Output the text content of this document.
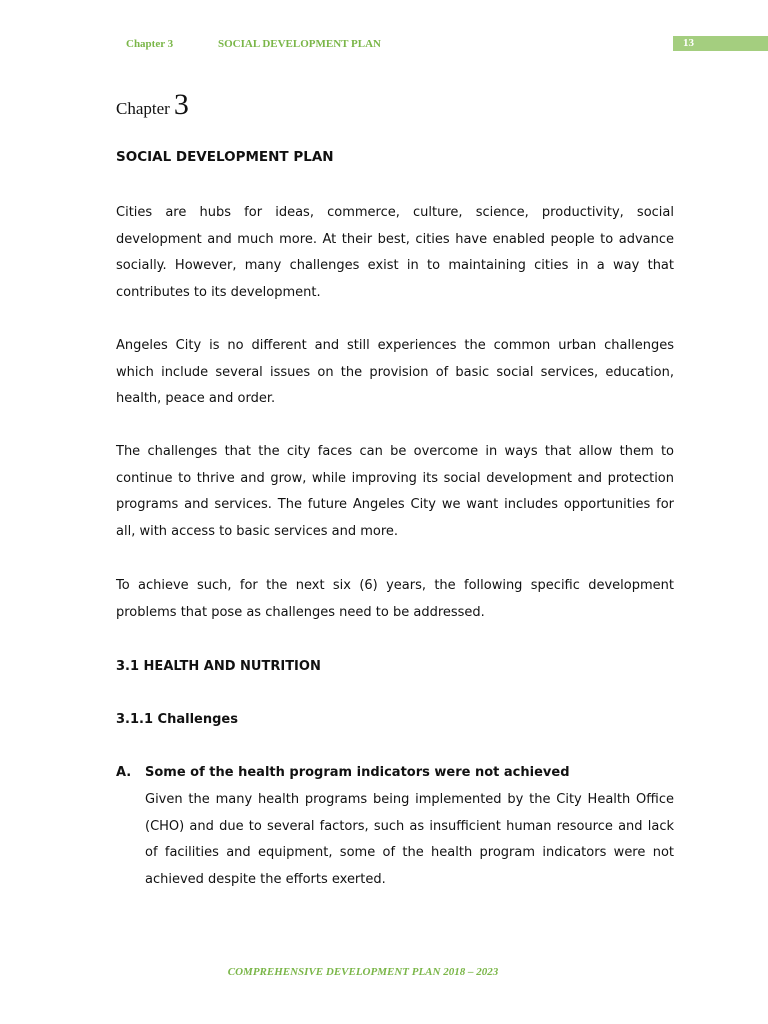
Chapter 3	SOCIAL DEVELOPMENT PLAN	13
Chapter 3
SOCIAL DEVELOPMENT PLAN

Cities are hubs for ideas, commerce, culture, science, productivity, social development and much more. At their best, cities have enabled people to advance socially. However, many challenges exist in to maintaining cities in a way that contributes to its development.

Angeles City is no different and still experiences the common urban challenges which include several issues on the provision of basic social services, education, health, peace and order.

The challenges that the city faces can be overcome in ways that allow them to continue to thrive and grow, while improving its social development and protection programs and services. The future Angeles City we want includes opportunities for all, with access to basic services and more.

To achieve such, for the next six (6) years, the following specific development problems that pose as challenges need to be addressed.

3.1 HEALTH AND NUTRITION
3.1.1 Challenges
A. Some of the health program indicators were not achieved

Given the many health programs being implemented by the City Health Office (CHO) and due to several factors, such as insufficient human resource and lack of facilities and equipment, some of the health program indicators were not achieved despite the efforts exerted.

COMPREHENSIVE DEVELOPMENT PLAN 2018 – 2023
